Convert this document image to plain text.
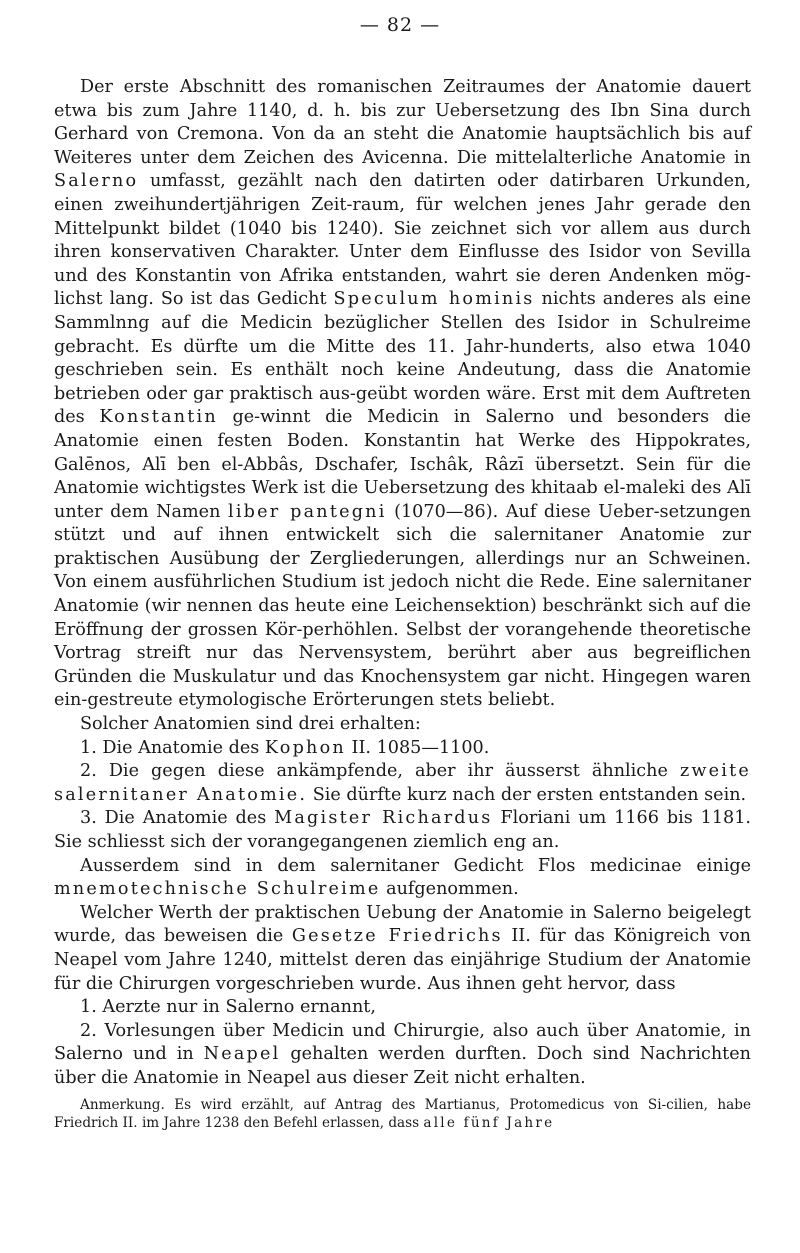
— 82 —

Der erste Abschnitt des romanischen Zeitraumes der Anatomie dauert etwa bis zum Jahre 1140, d. h. bis zur Uebersetzung des Ibn Sina durch Gerhard von Cremona. Von da an steht die Anatomie hauptsächlich bis auf Weiteres unter dem Zeichen des Avicenna. Die mittelalterliche Anatomie in Salerno umfasst, gezählt nach den datirten oder datirbaren Urkunden, einen zweihundertjährigen Zeit-raum, für welchen jenes Jahr gerade den Mittelpunkt bildet (1040 bis 1240). Sie zeichnet sich vor allem aus durch ihren konservativen Charakter. Unter dem Einflusse des Isidor von Sevilla und des Konstantin von Afrika entstanden, wahrt sie deren Andenken mög-lichst lang. So ist das Gedicht Speculum hominis nichts anderes als eine Sammlnng auf die Medicin bezüglicher Stellen des Isidor in Schulreime gebracht. Es dürfte um die Mitte des 11. Jahr-hunderts, also etwa 1040 geschrieben sein. Es enthält noch keine Andeutung, dass die Anatomie betrieben oder gar praktisch aus-geübt worden wäre. Erst mit dem Auftreten des Konstantin ge-winnt die Medicin in Salerno und besonders die Anatomie einen festen Boden. Konstantin hat Werke des Hippokrates, Galēnos, Alī ben el-Abbâs, Dschafer, Ischâk, Râzī übersetzt. Sein für die Anatomie wichtigstes Werk ist die Uebersetzung des khitaab el-maleki des Alī unter dem Namen liber pantegni (1070—86). Auf diese Ueber-setzungen stützt und auf ihnen entwickelt sich die salernitaner Anatomie zur praktischen Ausübung der Zergliederungen, allerdings nur an Schweinen. Von einem ausführlichen Studium ist jedoch nicht die Rede. Eine salernitaner Anatomie (wir nennen das heute eine Leichensektion) beschränkt sich auf die Eröffnung der grossen Kör-perhöhlen. Selbst der vorangehende theoretische Vortrag streift nur das Nervensystem, berührt aber aus begreiflichen Gründen die Muskulatur und das Knochensystem gar nicht. Hingegen waren ein-gestreute etymologische Erörterungen stets beliebt.

Solcher Anatomien sind drei erhalten:

1. Die Anatomie des Kophon II. 1085—1100.

2. Die gegen diese ankämpfende, aber ihr äusserst ähnliche zweite salernitaner Anatomie. Sie dürfte kurz nach der ersten entstanden sein.

3. Die Anatomie des Magister Richardus Floriani um 1166 bis 1181. Sie schliesst sich der vorangegangenen ziemlich eng an.

Ausserdem sind in dem salernitaner Gedicht Flos medicinae einige mnemotechnische Schulreime aufgenommen.

Welcher Werth der praktischen Uebung der Anatomie in Salerno beigelegt wurde, das beweisen die Gesetze Friedrichs II. für das Königreich von Neapel vom Jahre 1240, mittelst deren das einjährige Studium der Anatomie für die Chirurgen vorgeschrieben wurde. Aus ihnen geht hervor, dass

1. Aerzte nur in Salerno ernannt,

2. Vorlesungen über Medicin und Chirurgie, also auch über Anatomie, in Salerno und in Neapel gehalten werden durften. Doch sind Nachrichten über die Anatomie in Neapel aus dieser Zeit nicht erhalten.

Anmerkung. Es wird erzählt, auf Antrag des Martianus, Protomedicus von Si-cilien, habe Friedrich II. im Jahre 1238 den Befehl erlassen, dass alle fünf Jahre
